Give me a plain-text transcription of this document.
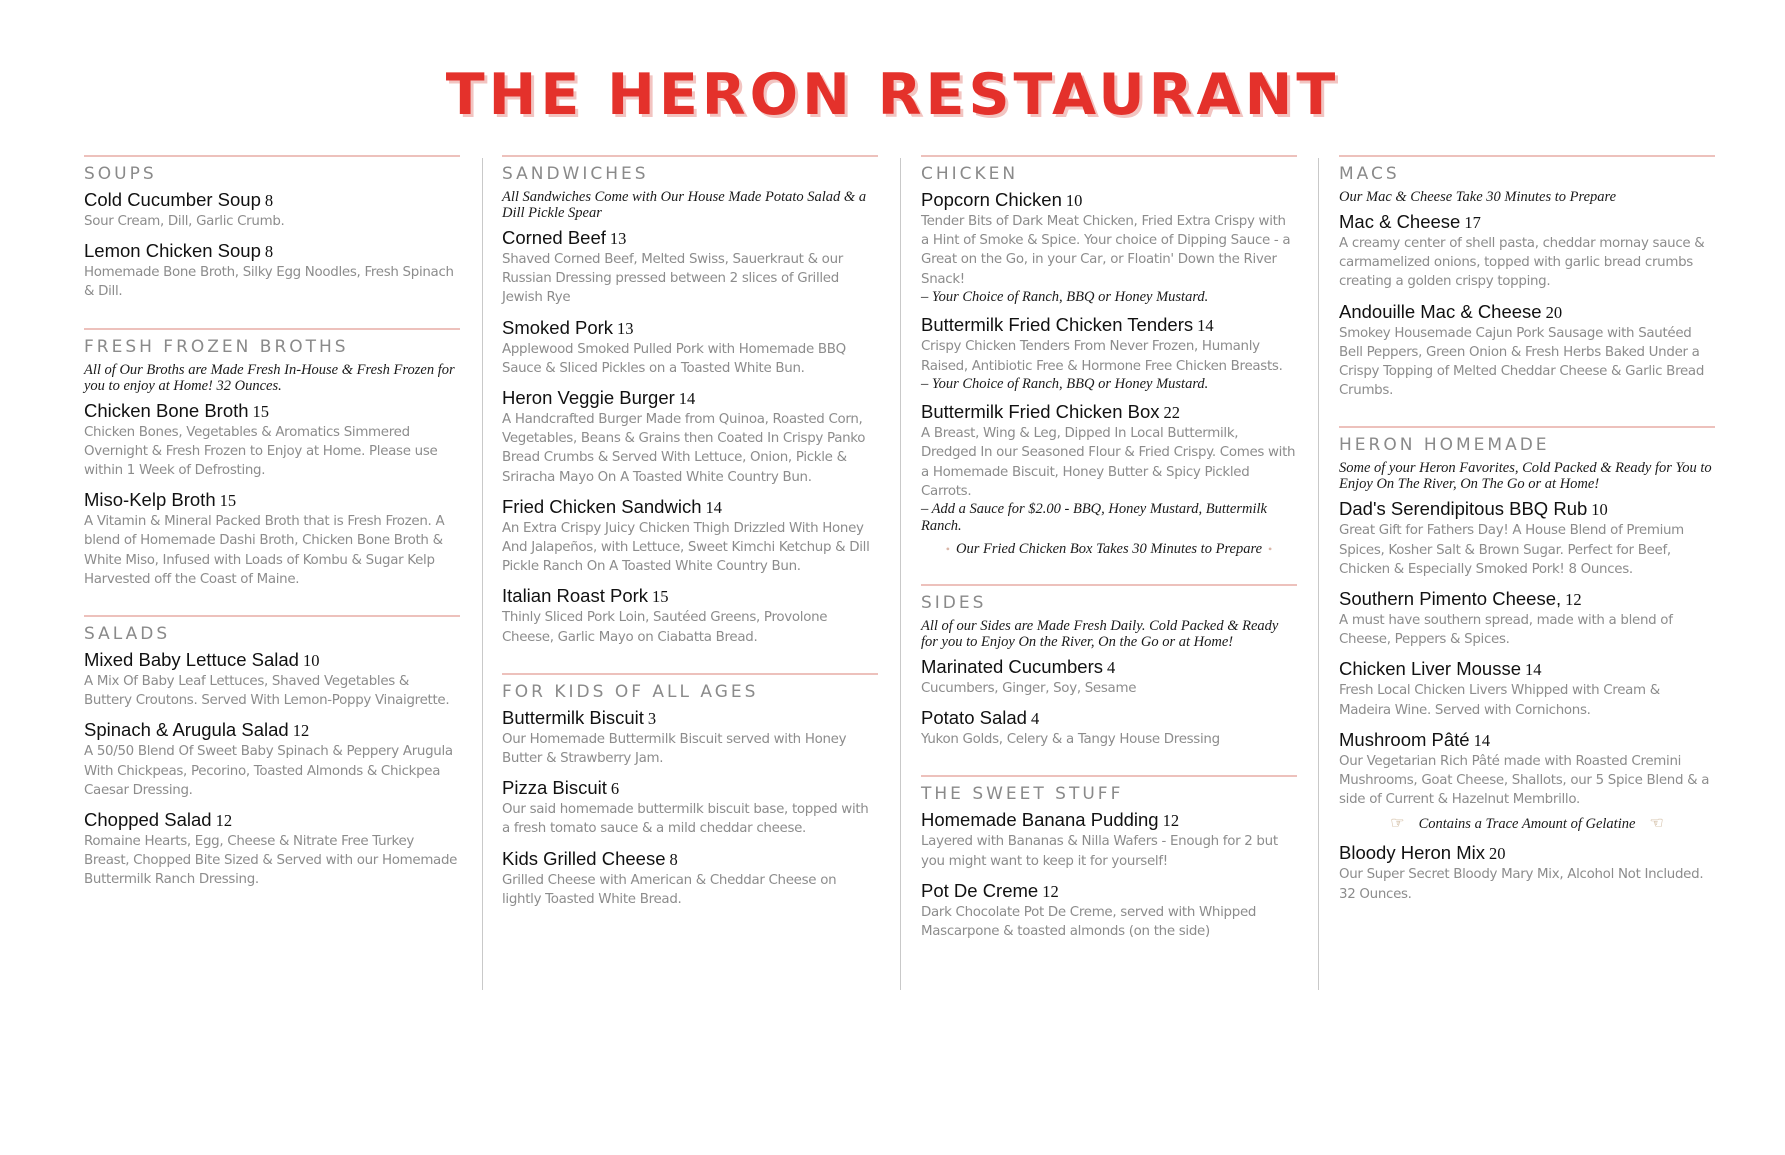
THE HERON RESTAURANT
SOUPS
Cold Cucumber Soup 8
Sour Cream, Dill, Garlic Crumb.
Lemon Chicken Soup 8
Homemade Bone Broth, Silky Egg Noodles, Fresh Spinach & Dill.
FRESH FROZEN BROTHS
All of Our Broths are Made Fresh In-House & Fresh Frozen for you to enjoy at Home! 32 Ounces.
Chicken Bone Broth 15
Chicken Bones, Vegetables & Aromatics Simmered Overnight & Fresh Frozen to Enjoy at Home. Please use within 1 Week of Defrosting.
Miso-Kelp Broth 15
A Vitamin & Mineral Packed Broth that is Fresh Frozen. A blend of Homemade Dashi Broth, Chicken Bone Broth & White Miso, Infused with Loads of Kombu & Sugar Kelp Harvested off the Coast of Maine.
SALADS
Mixed Baby Lettuce Salad 10
A Mix Of Baby Leaf Lettuces, Shaved Vegetables & Buttery Croutons. Served With Lemon-Poppy Vinaigrette.
Spinach & Arugula Salad 12
A 50/50 Blend Of Sweet Baby Spinach & Peppery Arugula With Chickpeas, Pecorino, Toasted Almonds & Chickpea Caesar Dressing.
Chopped Salad 12
Romaine Hearts, Egg, Cheese & Nitrate Free Turkey Breast, Chopped Bite Sized & Served with our Homemade Buttermilk Ranch Dressing.
SANDWICHES
All Sandwiches Come with Our House Made Potato Salad & a Dill Pickle Spear
Corned Beef 13
Shaved Corned Beef, Melted Swiss, Sauerkraut & our Russian Dressing pressed between 2 slices of Grilled Jewish Rye
Smoked Pork 13
Applewood Smoked Pulled Pork with Homemade BBQ Sauce & Sliced Pickles on a Toasted White Bun.
Heron Veggie Burger 14
A Handcrafted Burger Made from Quinoa, Roasted Corn, Vegetables, Beans & Grains then Coated In Crispy Panko Bread Crumbs & Served With Lettuce, Onion, Pickle & Sriracha Mayo On A Toasted White Country Bun.
Fried Chicken Sandwich 14
An Extra Crispy Juicy Chicken Thigh Drizzled With Honey And Jalapeños, with Lettuce, Sweet Kimchi Ketchup & Dill Pickle Ranch On A Toasted White Country Bun.
Italian Roast Pork 15
Thinly Sliced Pork Loin, Sautéed Greens, Provolone Cheese, Garlic Mayo on Ciabatta Bread.
FOR KIDS OF ALL AGES
Buttermilk Biscuit 3
Our Homemade Buttermilk Biscuit served with Honey Butter & Strawberry Jam.
Pizza Biscuit 6
Our said homemade buttermilk biscuit base, topped with a fresh tomato sauce & a mild cheddar cheese.
Kids Grilled Cheese 8
Grilled Cheese with American & Cheddar Cheese on lightly Toasted White Bread.
CHICKEN
Popcorn Chicken 10
Tender Bits of Dark Meat Chicken, Fried Extra Crispy with a Hint of Smoke & Spice. Your choice of Dipping Sauce - a Great on the Go, in your Car, or Floatin' Down the River Snack!
– Your Choice of Ranch, BBQ or Honey Mustard.
Buttermilk Fried Chicken Tenders 14
Crispy Chicken Tenders From Never Frozen, Humanly Raised, Antibiotic Free & Hormone Free Chicken Breasts.
– Your Choice of Ranch, BBQ or Honey Mustard.
Buttermilk Fried Chicken Box 22
A Breast, Wing & Leg, Dipped In Local Buttermilk, Dredged In our Seasoned Flour & Fried Crispy. Comes with a Homemade Biscuit, Honey Butter & Spicy Pickled Carrots.
– Add a Sauce for $2.00 - BBQ, Honey Mustard, Buttermilk Ranch.
• Our Fried Chicken Box Takes 30 Minutes to Prepare •
SIDES
All of our Sides are Made Fresh Daily. Cold Packed & Ready for you to Enjoy On the River, On the Go or at Home!
Marinated Cucumbers 4
Cucumbers, Ginger, Soy, Sesame
Potato Salad 4
Yukon Golds, Celery & a Tangy House Dressing
THE SWEET STUFF
Homemade Banana Pudding 12
Layered with Bananas & Nilla Wafers - Enough for 2 but you might want to keep it for yourself!
Pot De Creme 12
Dark Chocolate Pot De Creme, served with Whipped Mascarpone & toasted almonds (on the side)
MACS
Our Mac & Cheese Take 30 Minutes to Prepare
Mac & Cheese 17
A creamy center of shell pasta, cheddar mornay sauce & carmamelized onions, topped with garlic bread crumbs creating a golden crispy topping.
Andouille Mac & Cheese 20
Smokey Housemade Cajun Pork Sausage with Sautéed Bell Peppers, Green Onion & Fresh Herbs Baked Under a Crispy Topping of Melted Cheddar Cheese & Garlic Bread Crumbs.
HERON HOMEMADE
Some of your Heron Favorites, Cold Packed & Ready for You to Enjoy On The River, On The Go or at Home!
Dad's Serendipitous BBQ Rub 10
Great Gift for Fathers Day! A House Blend of Premium Spices, Kosher Salt & Brown Sugar. Perfect for Beef, Chicken & Especially Smoked Pork! 8 Ounces.
Southern Pimento Cheese, 12
A must have southern spread, made with a blend of Cheese, Peppers & Spices.
Chicken Liver Mousse 14
Fresh Local Chicken Livers Whipped with Cream & Madeira Wine. Served with Cornichons.
Mushroom Pâté 14
Our Vegetarian Rich Pâté made with Roasted Cremini Mushrooms, Goat Cheese, Shallots, our 5 Spice Blend & a side of Current & Hazelnut Membrillo.
☞ Contains a Trace Amount of Gelatine ☜
Bloody Heron Mix 20
Our Super Secret Bloody Mary Mix, Alcohol Not Included. 32 Ounces.
